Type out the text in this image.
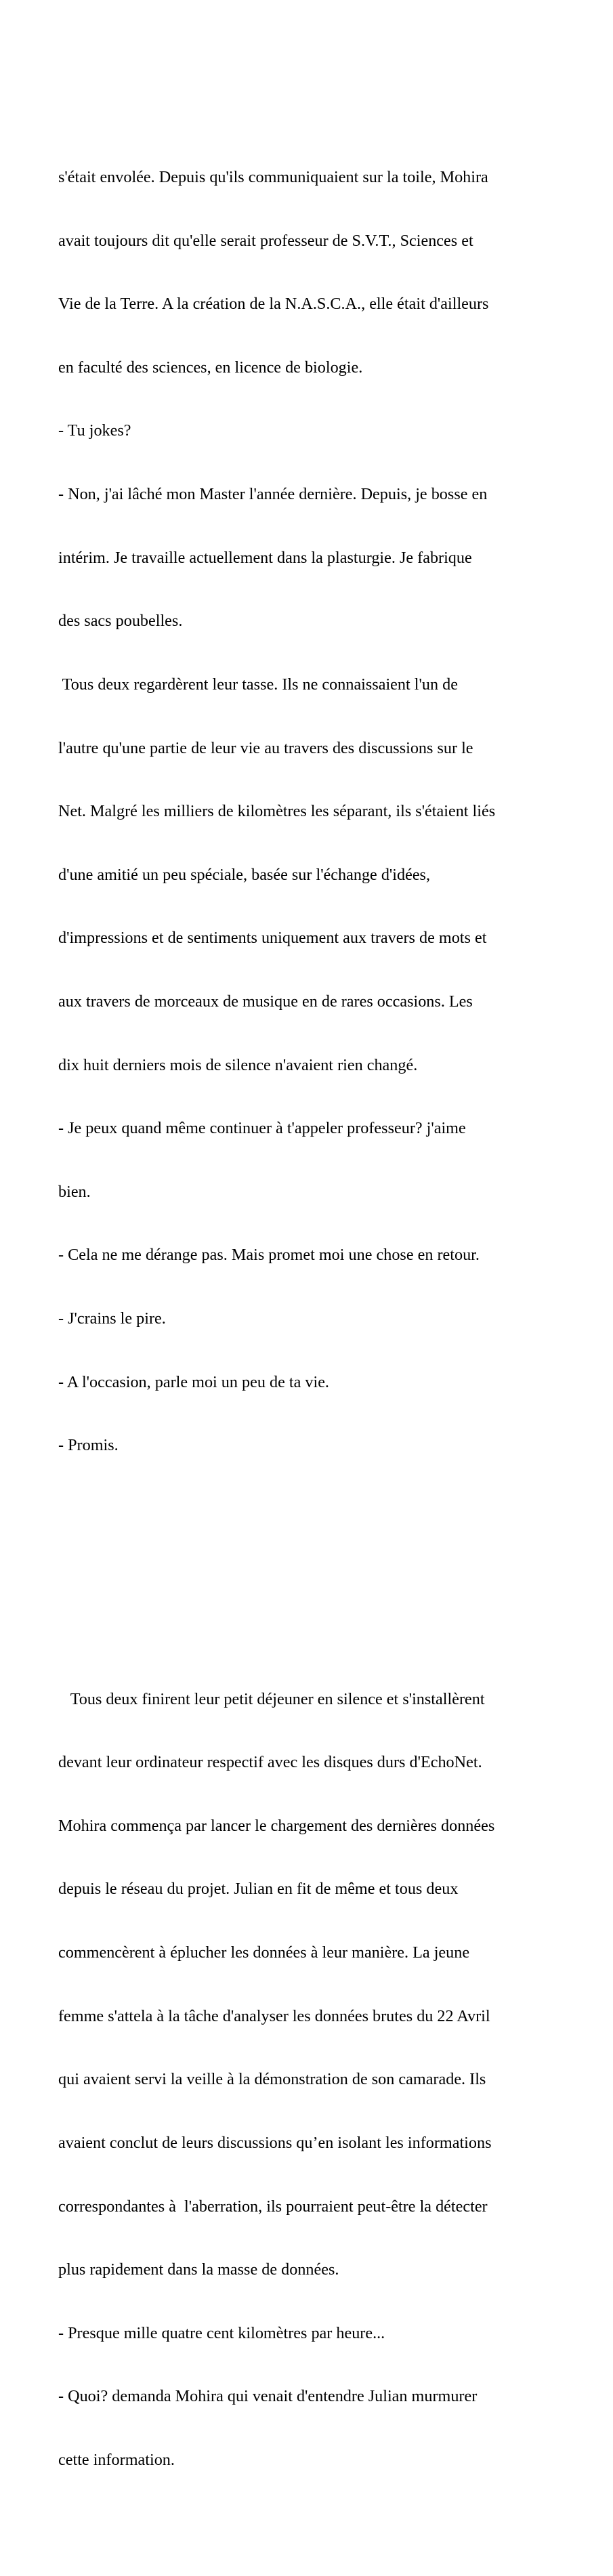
s'était envolée. Depuis qu'ils communiquaient sur la toile, Mohira

avait toujours dit qu'elle serait professeur de S.V.T., Sciences et

Vie de la Terre. A la création de la N.A.S.C.A., elle était d'ailleurs

en faculté des sciences, en licence de biologie.

- Tu jokes?

- Non, j'ai lâché mon Master l'année dernière. Depuis, je bosse en

intérim. Je travaille actuellement dans la plasturgie. Je fabrique

des sacs poubelles.

Tous deux regardèrent leur tasse. Ils ne connaissaient l'un de

l'autre qu'une partie de leur vie au travers des discussions sur le

Net. Malgré les milliers de kilomètres les séparant, ils s'étaient liés

d'une amitié un peu spéciale, basée sur l'échange d'idées,

d'impressions et de sentiments uniquement aux travers de mots et

aux travers de morceaux de musique en de rares occasions. Les

dix huit derniers mois de silence n'avaient rien changé.

- Je peux quand même continuer à t'appeler professeur? j'aime

bien.

- Cela ne me dérange pas. Mais promet moi une chose en retour.

- J'crains le pire.

- A l'occasion, parle moi un peu de ta vie.

- Promis.

Tous deux finirent leur petit déjeuner en silence et s'installèrent

devant leur ordinateur respectif avec les disques durs d'EchoNet.

Mohira commença par lancer le chargement des dernières données

depuis le réseau du projet. Julian en fit de même et tous deux

commencèrent à éplucher les données à leur manière. La jeune

femme s'attela à la tâche d'analyser les données brutes du 22 Avril

qui avaient servi la veille à la démonstration de son camarade. Ils

avaient conclut de leurs discussions qu’en isolant les informations

correspondantes à  l'aberration, ils pourraient peut-être la détecter

plus rapidement dans la masse de données.

- Presque mille quatre cent kilomètres par heure...

- Quoi? demanda Mohira qui venait d'entendre Julian murmurer

cette information.
